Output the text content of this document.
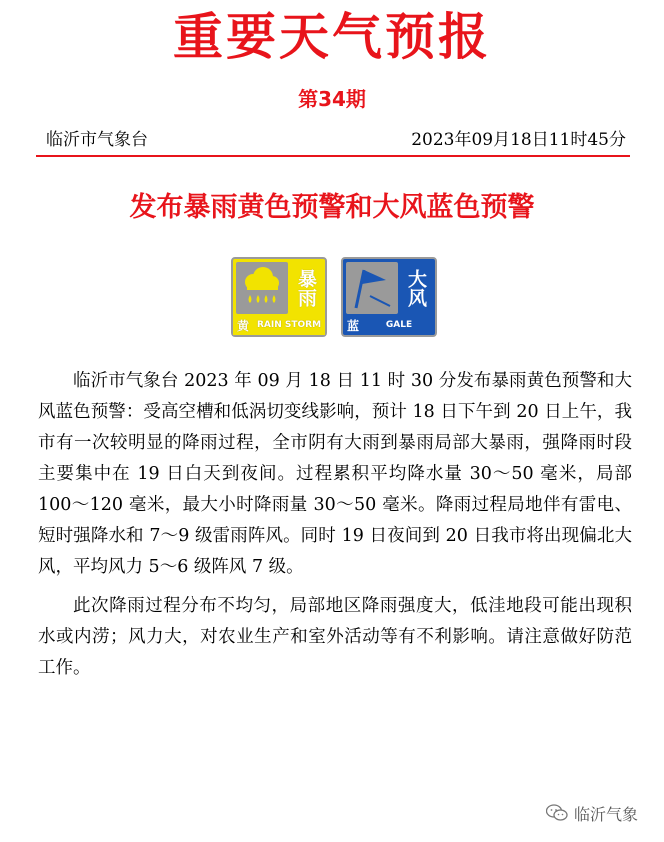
重要天气预报
第34期
临沂市气象台	2023年09月18日11时45分
发布暴雨黄色预警和大风蓝色预警
暴雨
黄 RAIN STORM
大风
蓝	GALE

临沂市气象台 2023 年 09 月 18 日 11 时 30 分发布暴雨黄色预警和大风蓝色预警：受高空槽和低涡切变线影响，预计 18 日下午到 20 日上午，我市有一次较明显的降雨过程，全市阴有大雨到暴雨局部大暴雨，强降雨时段主要集中在 19 日白天到夜间。过程累积平均降水量 30～50 毫米，局部 100～120 毫米，最大小时降雨量 30～50 毫米。降雨过程局地伴有雷电、短时强降水和 7～9 级雷雨阵风。同时 19 日夜间到 20 日我市将出现偏北大风，平均风力 5～6 级阵风 7 级。

此次降雨过程分布不均匀，局部地区降雨强度大，低洼地段可能出现积水或内涝；风力大，对农业生产和室外活动等有不利影响。请注意做好防范工作。

临沂气象
